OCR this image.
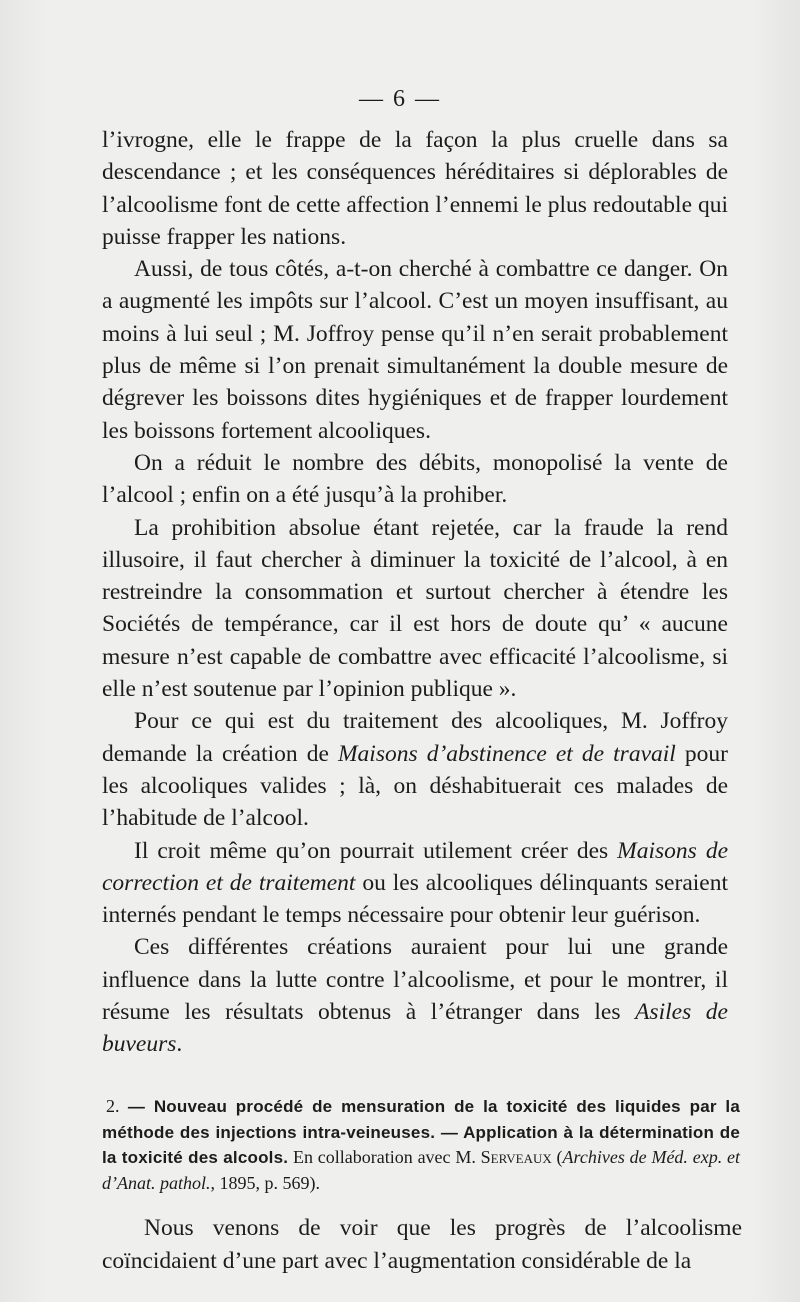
— 6 —

l’ivrogne, elle le frappe de la façon la plus cruelle dans sa descendance ; et les conséquences héréditaires si déplorables de l’alcoolisme font de cette affection l’ennemi le plus redoutable qui puisse frapper les nations.

Aussi, de tous côtés, a-t-on cherché à combattre ce danger. On a augmenté les impôts sur l’alcool. C’est un moyen insuffisant, au moins à lui seul ; M. Joffroy pense qu’il n’en serait probablement plus de même si l’on prenait simultanément la double mesure de dégrever les boissons dites hygiéniques et de frapper lourdement les boissons fortement alcooliques.

On a réduit le nombre des débits, monopolisé la vente de l’alcool ; enfin on a été jusqu’à la prohiber.

La prohibition absolue étant rejetée, car la fraude la rend illusoire, il faut chercher à diminuer la toxicité de l’alcool, à en restreindre la consommation et surtout chercher à étendre les Sociétés de tempérance, car il est hors de doute qu’ « aucune mesure n’est capable de combattre avec efficacité l’alcoolisme, si elle n’est soutenue par l’opinion publique ».

Pour ce qui est du traitement des alcooliques, M. Joffroy demande la création de Maisons d’abstinence et de travail pour les alcooliques valides ; là, on déshabituerait ces malades de l’habitude de l’alcool.

Il croit même qu’on pourrait utilement créer des Maisons de correction et de traitement ou les alcooliques délinquants seraient internés pendant le temps nécessaire pour obtenir leur guérison.

Ces différentes créations auraient pour lui une grande influence dans la lutte contre l’alcoolisme, et pour le montrer, il résume les résultats obtenus à l’étranger dans les Asiles de buveurs.

2. — Nouveau procédé de mensuration de la toxicité des liquides par la méthode des injections intra-veineuses. — Application à la détermination de la toxicité des alcools. En collaboration avec M. Serveaux (Archives de Méd. exp. et d’Anat. pathol., 1895, p. 569).

Nous venons de voir que les progrès de l’alcoolisme coïncidaient d’une part avec l’augmentation considérable de la
